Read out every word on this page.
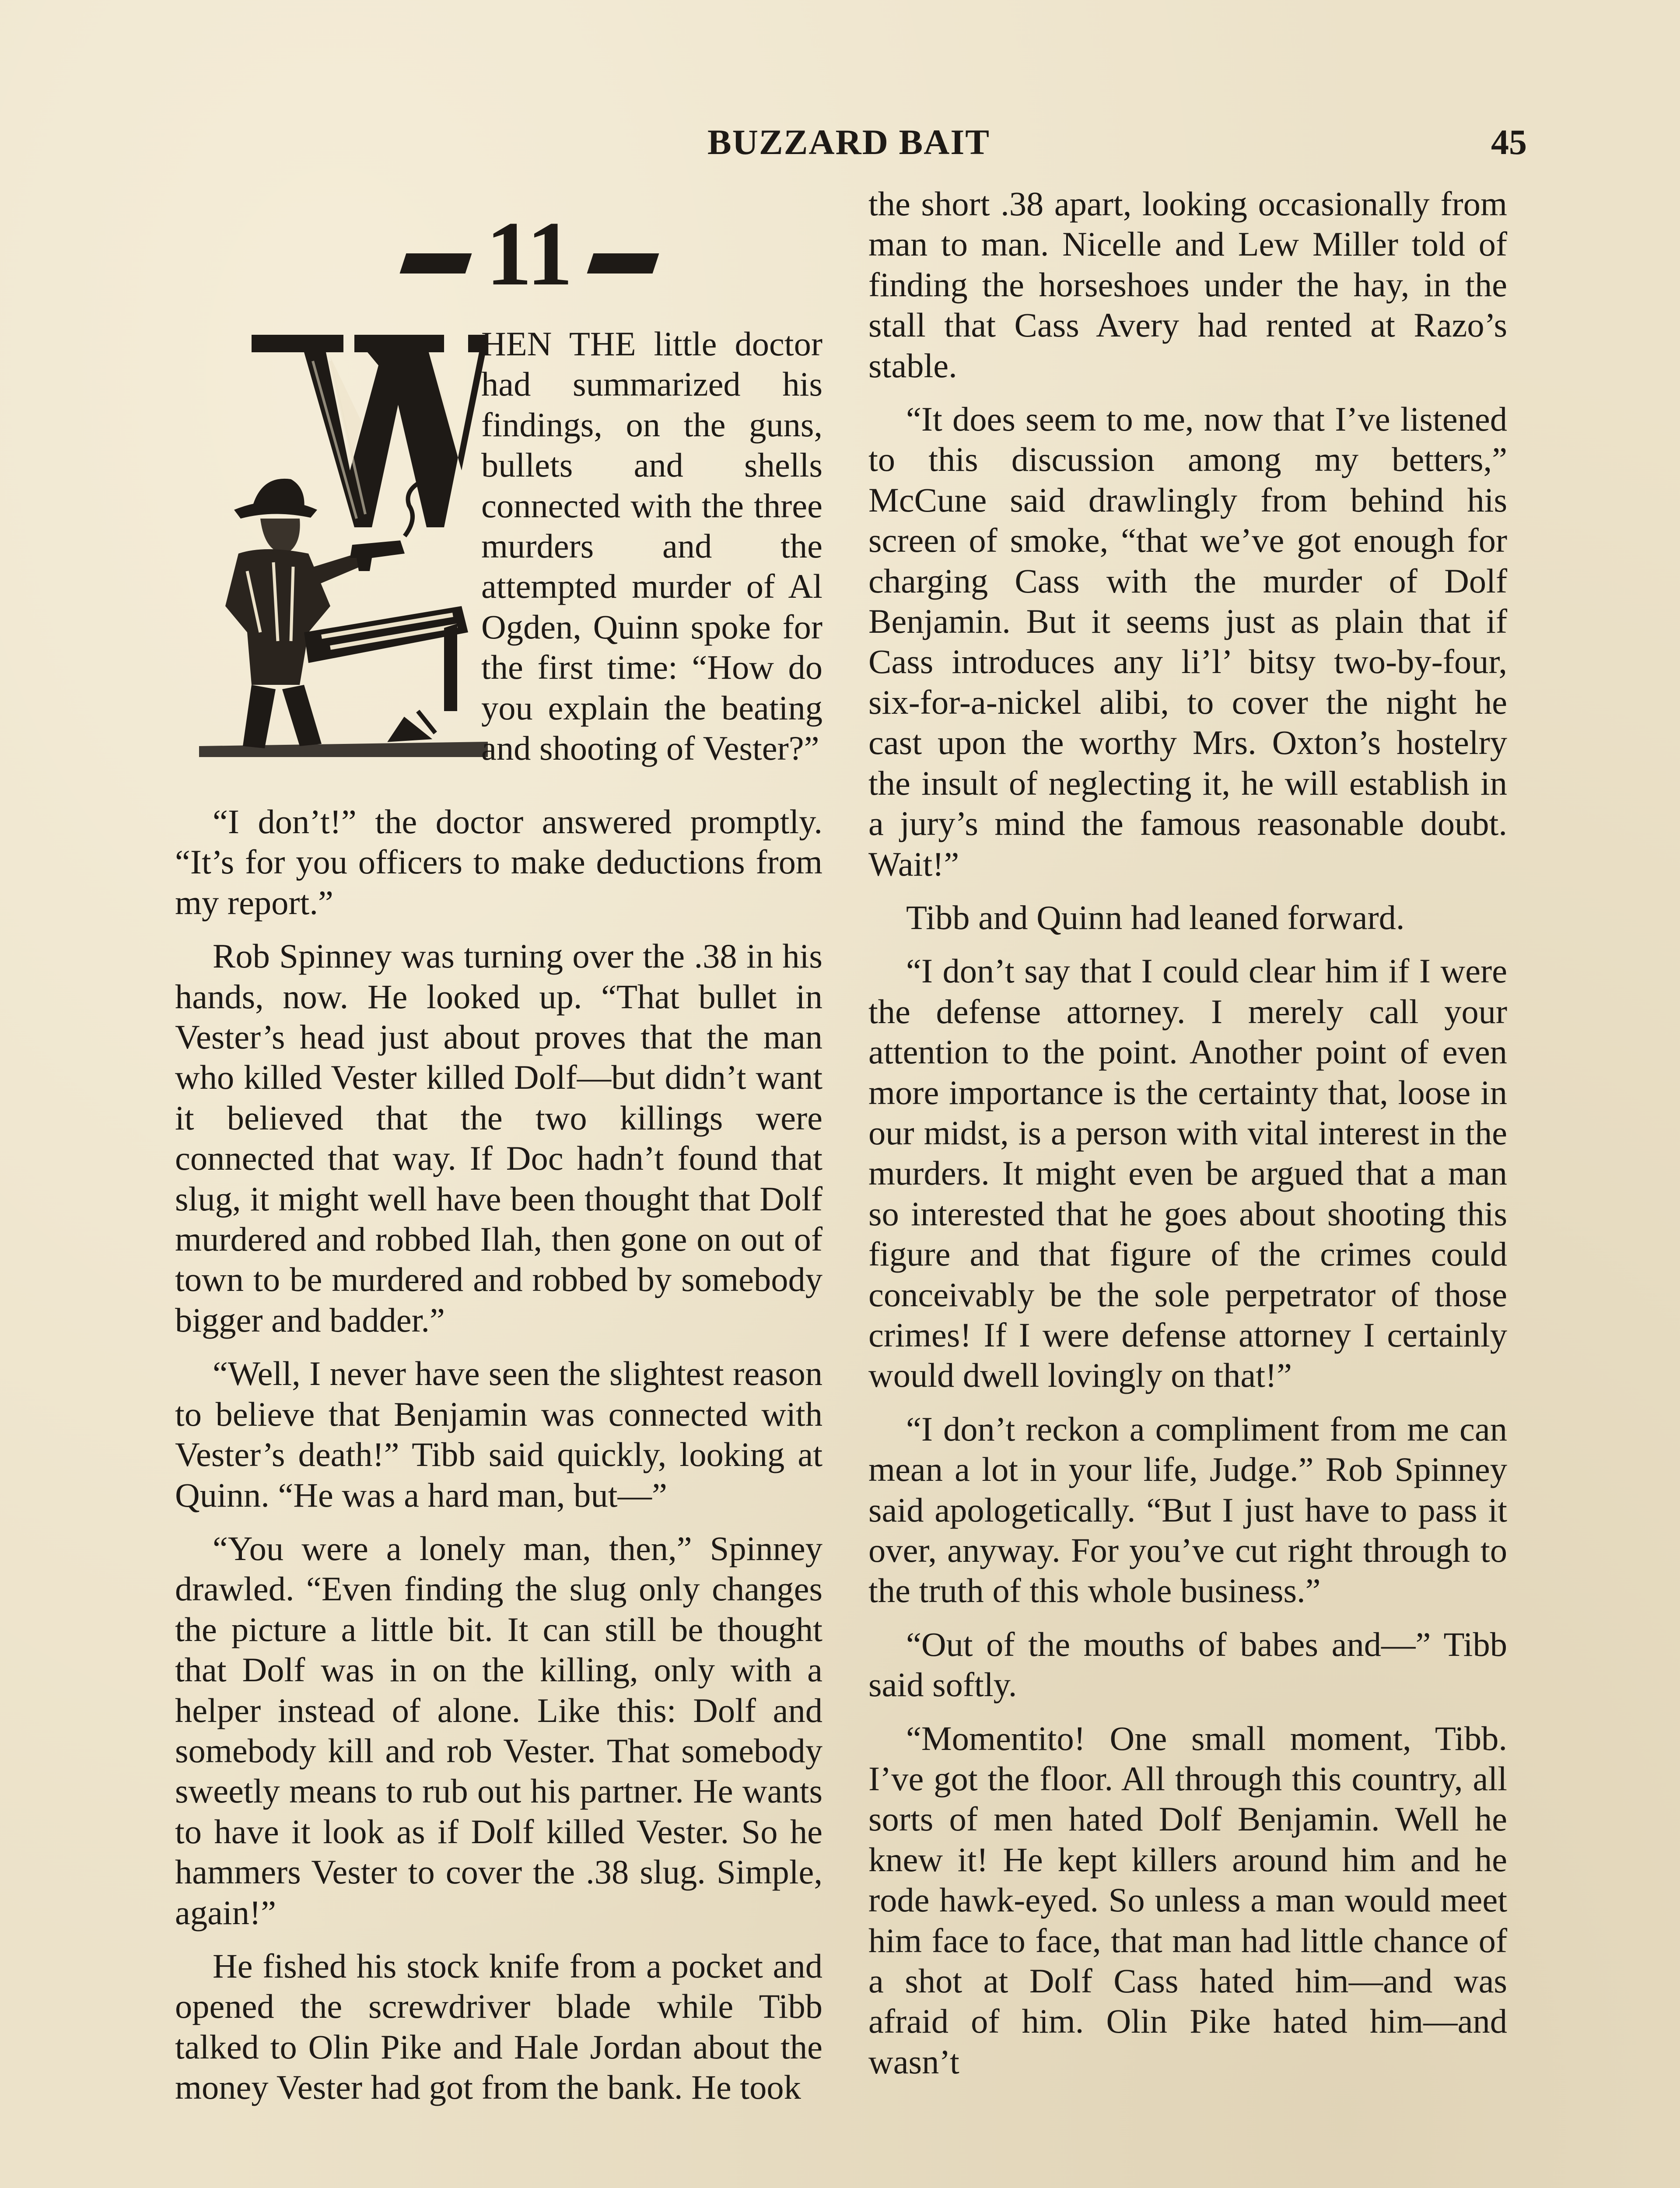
BUZZARD BAIT	45
11
W	HEN THE little doctor had summarized his findings, on the guns, bullets and shells connected with the three murders and the attempted murder of Al Ogden, Quinn spoke for the first time: “How do you explain the beating and shooting of Vester?”

“I don’t!” the doctor answered promptly. “It’s for you officers to make deductions from my report.”

Rob Spinney was turning over the .38 in his hands, now. He looked up. “That bullet in Vester’s head just about proves that the man who killed Vester killed Dolf—but didn’t want it believed that the two killings were connected that way. If Doc hadn’t found that slug, it might well have been thought that Dolf murdered and robbed Ilah, then gone on out of town to be murdered and robbed by somebody bigger and badder.”

“Well, I never have seen the slightest reason to believe that Benjamin was connected with Vester’s death!” Tibb said quickly, looking at Quinn. “He was a hard man, but—”

“You were a lonely man, then,” Spinney drawled. “Even finding the slug only changes the picture a little bit. It can still be thought that Dolf was in on the killing, only with a helper instead of alone. Like this: Dolf and somebody kill and rob Vester. That somebody sweetly means to rub out his partner. He wants to have it look as if Dolf killed Vester. So he hammers Vester to cover the .38 slug. Simple, again!”

He fished his stock knife from a pocket and opened the screwdriver blade while Tibb talked to Olin Pike and Hale Jordan about the money Vester had got from the bank. He took

the short .38 apart, looking occasionally from man to man. Nicelle and Lew Miller told of finding the horseshoes under the hay, in the stall that Cass Avery had rented at Razo’s stable.

“It does seem to me, now that I’ve listened to this discussion among my betters,” McCune said drawlingly from behind his screen of smoke, “that we’ve got enough for charging Cass with the murder of Dolf Benjamin. But it seems just as plain that if Cass introduces any li’l’ bitsy two-by-four, six-for-a-nickel alibi, to cover the night he cast upon the worthy Mrs. Oxton’s hostelry the insult of neglecting it, he will establish in a jury’s mind the famous reasonable doubt. Wait!”

Tibb and Quinn had leaned forward.

“I don’t say that I could clear him if I were the defense attorney. I merely call your attention to the point. Another point of even more importance is the certainty that, loose in our midst, is a person with vital interest in the murders. It might even be argued that a man so interested that he goes about shooting this figure and that figure of the crimes could conceivably be the sole perpetrator of those crimes! If I were defense attorney I certainly would dwell lovingly on that!”

“I don’t reckon a compliment from me can mean a lot in your life, Judge.” Rob Spinney said apologetically. “But I just have to pass it over, anyway. For you’ve cut right through to the truth of this whole business.”

“Out of the mouths of babes and—” Tibb said softly.

“Momentito! One small moment, Tibb. I’ve got the floor. All through this country, all sorts of men hated Dolf Benjamin. Well he knew it! He kept killers around him and he rode hawk-eyed. So unless a man would meet him face to face, that man had little chance of a shot at Dolf Cass hated him—and was afraid of him. Olin Pike hated him—and wasn’t
